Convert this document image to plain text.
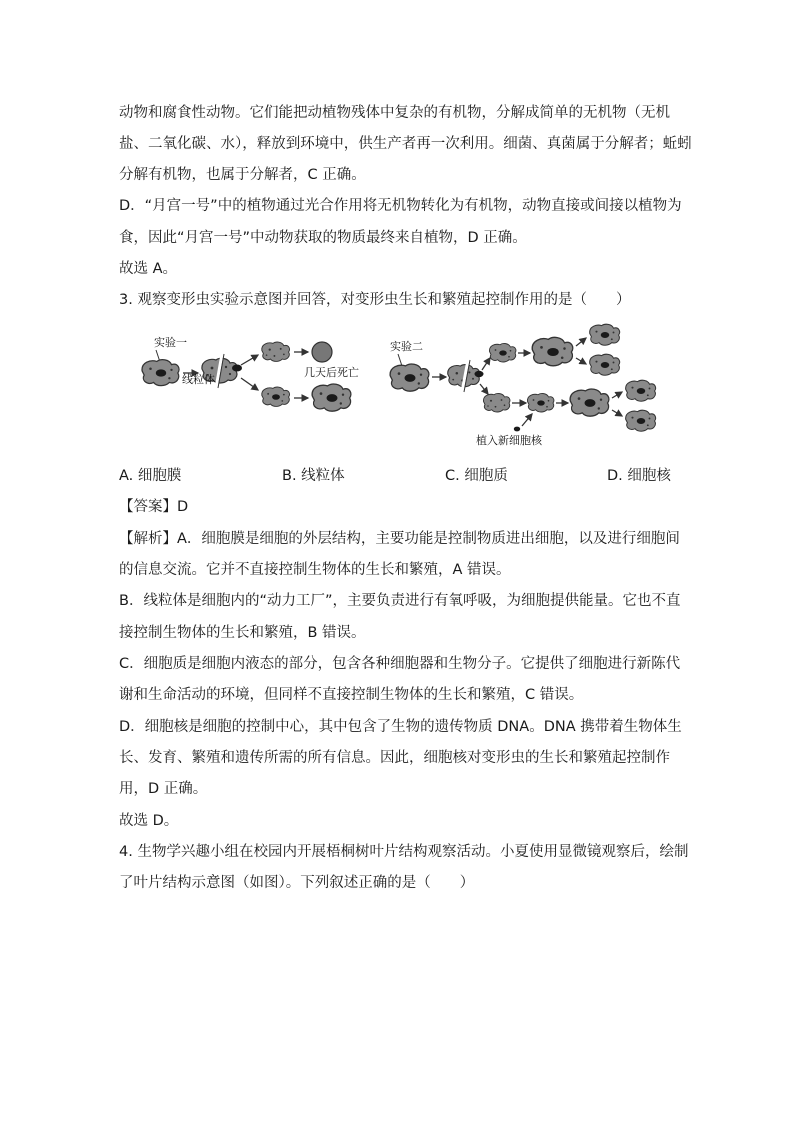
动物和腐食性动物。它们能把动植物残体中复杂的有机物，分解成简单的无机物（无机
盐、二氧化碳、水），释放到环境中，供生产者再一次利用。细菌、真菌属于分解者；蚯蚓
分解有机物，也属于分解者，C 正确。
D．“月宫一号”中的植物通过光合作用将无机物转化为有机物，动物直接或间接以植物为
食，因此“月宫一号”中动物获取的物质最终来自植物，D 正确。
故选 A。
3. 观察变形虫实验示意图并回答，对变形虫生长和繁殖起控制作用的是（　　）
实验一
线粒体
几天后死亡
实验二
植入新细胞核
A. 细胞膜	B. 线粒体	C. 细胞质	D. 细胞核
【答案】D
【解析】A．细胞膜是细胞的外层结构，主要功能是控制物质进出细胞，以及进行细胞间
的信息交流。它并不直接控制生物体的生长和繁殖，A 错误。
B．线粒体是细胞内的“动力工厂”，主要负责进行有氧呼吸，为细胞提供能量。它也不直
接控制生物体的生长和繁殖，B 错误。
C．细胞质是细胞内液态的部分，包含各种细胞器和生物分子。它提供了细胞进行新陈代
谢和生命活动的环境，但同样不直接控制生物体的生长和繁殖，C 错误。
D．细胞核是细胞的控制中心，其中包含了生物的遗传物质 DNA。DNA 携带着生物体生
长、发育、繁殖和遗传所需的所有信息。因此，细胞核对变形虫的生长和繁殖起控制作
用，D 正确。
故选 D。
4. 生物学兴趣小组在校园内开展梧桐树叶片结构观察活动。小夏使用显微镜观察后，绘制
了叶片结构示意图（如图）。下列叙述正确的是（　　）
